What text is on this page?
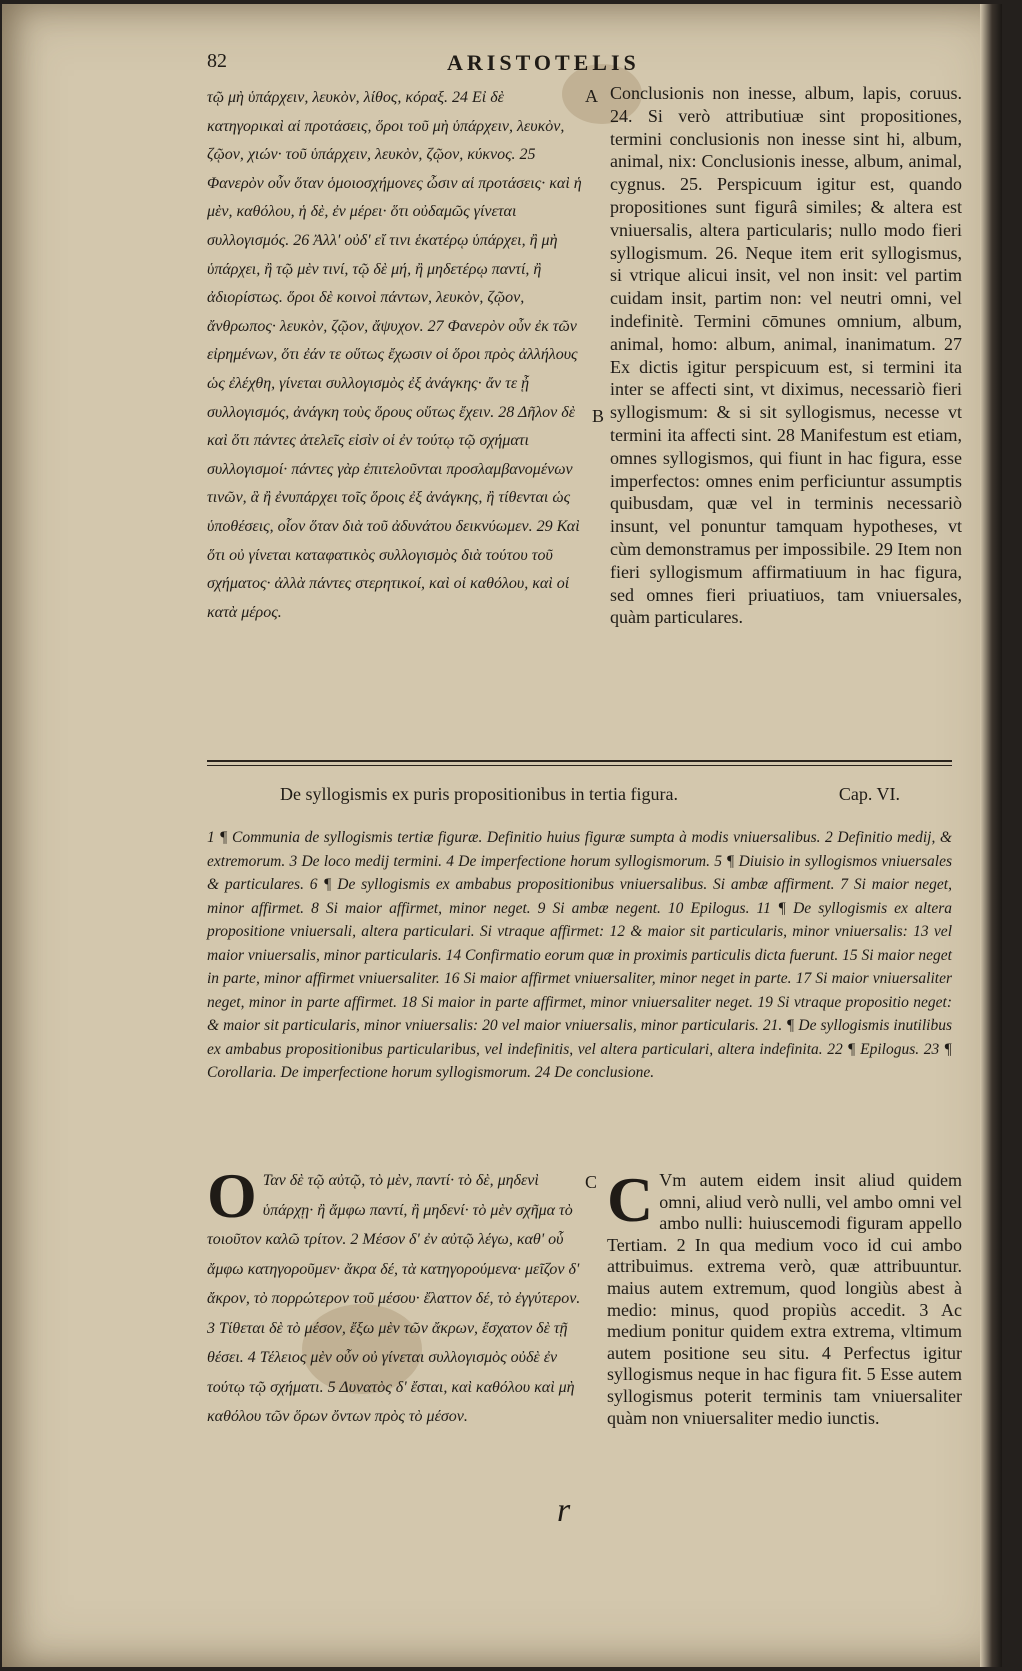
82	ARISTOTELIS
A
B
C
τῷ μὴ ὑπάρχειν, λευκὸν, λίθος, κόραξ. 24 Εἰ δὲ κατηγορικαὶ αἱ προτάσεις, ὅροι τοῦ μὴ ὑπάρχειν, λευκὸν, ζῷον, χιών· τοῦ ὑπάρχειν, λευκὸν, ζῷον, κύκνος. 25 Φανερὸν οὖν ὅταν ὁμοιοσχήμονες ὦσιν αἱ προτάσεις· καὶ ἡ μὲν, καθόλου, ἡ δὲ, ἐν μέρει· ὅτι οὐδαμῶς γίνεται συλλογισμός. 26 Ἀλλ' οὐδ' εἴ τινι ἑκατέρῳ ὑπάρχει, ἢ μὴ ὑπάρχει, ἢ τῷ μὲν τινί, τῷ δὲ μή, ἢ μηδετέρῳ παντί, ἢ ἀδιορίστως. ὅροι δὲ κοινοὶ πάντων, λευκὸν, ζῷον, ἄνθρωπος· λευκὸν, ζῷον, ἄψυχον. 27 Φανερὸν οὖν ἐκ τῶν εἰρημένων, ὅτι ἐάν τε οὕτως ἔχωσιν οἱ ὅροι πρὸς ἀλλήλους ὡς ἐλέχθη, γίνεται συλλογισμὸς ἐξ ἀνάγκης· ἄν τε ᾖ συλλογισμός, ἀνάγκη τοὺς ὅρους οὕτως ἔχειν. 28 Δῆλον δὲ καὶ ὅτι πάντες ἀτελεῖς εἰσὶν οἱ ἐν τούτῳ τῷ σχήματι συλλογισμοί· πάντες γὰρ ἐπιτελοῦνται προσλαμβανομένων τινῶν, ἃ ἢ ἐνυπάρχει τοῖς ὅροις ἐξ ἀνάγκης, ἢ τίθενται ὡς ὑποθέσεις, οἷον ὅταν διὰ τοῦ ἀδυνάτου δεικνύωμεν. 29 Καὶ ὅτι οὐ γίνεται καταφατικὸς συλλογισμὸς διὰ τούτου τοῦ σχήματος· ἀλλὰ πάντες στερητικοί, καὶ οἱ καθόλου, καὶ οἱ κατὰ μέρος.
Conclusionis non inesse, album, lapis, coruus. 24. Si verò attributiuæ sint propositiones, termini conclusionis non inesse sint hi, album, animal, nix: Conclusionis inesse, album, animal, cygnus. 25. Perspicuum igitur est, quando propositiones sunt figurâ similes; & altera est vniuersalis, altera particularis; nullo modo fieri syllogismum. 26. Neque item erit syllogismus, si vtrique alicui insit, vel non insit: vel partim cuidam insit, partim non: vel neutri omni, vel indefinitè. Termini cōmunes omnium, album, animal, homo: album, animal, inanimatum. 27 Ex dictis igitur perspicuum est, si termini ita inter se affecti sint, vt diximus, necessariò fieri syllogismum: & si sit syllogismus, necesse vt termini ita affecti sint. 28 Manifestum est etiam, omnes syllogismos, qui fiunt in hac figura, esse imperfectos: omnes enim perficiuntur assumptis quibusdam, quæ vel in terminis necessariò insunt, vel ponuntur tamquam hypotheses, vt cùm demonstramus per impossibile. 29 Item non fieri syllogismum affirmatiuum in hac figura, sed omnes fieri priuatiuos, tam vniuersales, quàm particulares.
De syllogismis ex puris propositionibus in tertia figura.	Cap. VI.
1 ¶ Communia de syllogismis tertiæ figuræ. Definitio huius figuræ sumpta à modis vniuersalibus. 2 Definitio medij, & extremorum. 3 De loco medij termini. 4 De imperfectione horum syllogismorum. 5 ¶ Diuisio in syllogismos vniuersales & particulares. 6 ¶ De syllogismis ex ambabus propositionibus vniuersalibus. Si ambæ affirment. 7 Si maior neget, minor affirmet. 8 Si maior affirmet, minor neget. 9 Si ambæ negent. 10 Epilogus. 11 ¶ De syllogismis ex altera propositione vniuersali, altera particulari. Si vtraque affirmet: 12 & maior sit particularis, minor vniuersalis: 13 vel maior vniuersalis, minor particularis. 14 Confirmatio eorum quæ in proximis particulis dicta fuerunt. 15 Si maior neget in parte, minor affirmet vniuersaliter. 16 Si maior affirmet vniuersaliter, minor neget in parte. 17 Si maior vniuersaliter neget, minor in parte affirmet. 18 Si maior in parte affirmet, minor vniuersaliter neget. 19 Si vtraque propositio neget: & maior sit particularis, minor vniuersalis: 20 vel maior vniuersalis, minor particularis. 21. ¶ De syllogismis inutilibus ex ambabus propositionibus particularibus, vel indefinitis, vel altera particulari, altera indefinita. 22 ¶ Epilogus. 23 ¶ Corollaria. De imperfectione horum syllogismorum. 24 De conclusione.
Ο Ταν δὲ τῷ αὐτῷ, τὸ μὲν, παντί· τὸ δὲ, μηδενὶ ὑπάρχῃ· ἢ ἄμφω παντί, ἢ μηδενί· τὸ μὲν σχῆμα τὸ τοιοῦτον καλῶ τρίτον. 2 Μέσον δ' ἐν αὐτῷ λέγω, καθ' οὗ ἄμφω κατηγοροῦμεν· ἄκρα δέ, τὰ κατηγορούμενα· μεῖζον δ' ἄκρον, τὸ πορρώτερον τοῦ μέσου· ἔλαττον δέ, τὸ ἐγγύτερον. 3 Τίθεται δὲ τὸ μέσον, ἔξω μὲν τῶν ἄκρων, ἔσχατον δὲ τῇ θέσει. 4 Τέλειος μὲν οὖν οὐ γίνεται συλλογισμὸς οὐδὲ ἐν τούτῳ τῷ σχήματι. 5 Δυνατὸς δ' ἔσται, καὶ καθόλου καὶ μὴ καθόλου τῶν ὅρων ὄντων πρὸς τὸ μέσον.
C Vm autem eidem insit aliud quidem omni, aliud verò nulli, vel ambo omni vel ambo nulli: huiuscemodi figuram appello Tertiam. 2 In qua medium voco id cui ambo attribuimus. extrema verò, quæ attribuuntur. maius autem extremum, quod longiùs abest à medio: minus, quod propiùs accedit. 3 Ac medium ponitur quidem extra extrema, vltimum autem positione seu situ. 4 Perfectus igitur syllogismus neque in hac figura fit. 5 Esse autem syllogismus poterit terminis tam vniuersaliter quàm non vniuersaliter medio iunctis.
r
